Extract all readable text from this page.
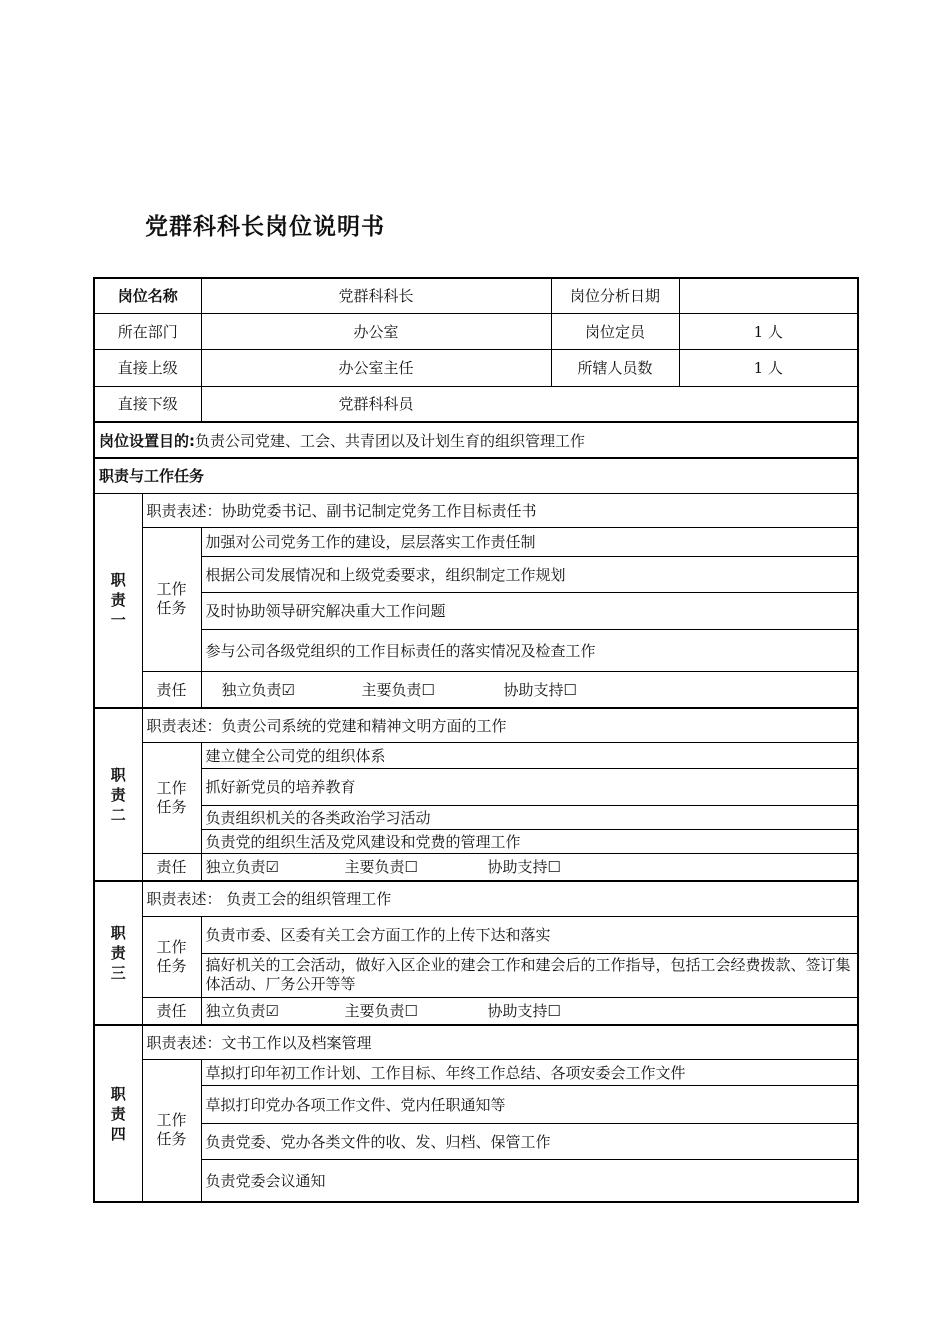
党群科科长岗位说明书
岗位名称		党群科科长	岗位分析日期	
所在部门		办公室	岗位定员	1 人
直接上级		办公室主任	所辖人员数	1 人
直接下级		党群科科员		
岗位设置目的:负责公司党建、工会、共青团以及计划生育的组织管理工作				
职责与工作任务				

职责一	职责表述：协助党委书记、副书记制定党务工作目标责任书			

	工作任务	加强对公司党务工作的建设，层层落实工作责任制		
		根据公司发展情况和上级党委要求，组织制定工作规划		
		及时协助领导研究解决重大工作问题		
		参与公司各级党组织的工作目标责任的落实情况及检查工作		
	责任	独立负责☑ 主要负责☐ 协助支持☐		

职责二	职责表述：负责公司系统的党建和精神文明方面的工作			

	工作任务	建立健全公司党的组织体系		
		抓好新党员的培养教育		
		负责组织机关的各类政治学习活动		
		负责党的组织生活及党风建设和党费的管理工作		
	责任	独立负责☑ 主要负责☐ 协助支持☐		

职责三	职责表述： 负责工会的组织管理工作			

	工作任务	负责市委、区委有关工会方面工作的上传下达和落实		
		搞好机关的工会活动，做好入区企业的建会工作和建会后的工作指导，包括工会经费拨款、签订集体活动、厂务公开等等		
	责任	独立负责☑ 主要负责☐ 协助支持☐		

职责四	职责表述：文书工作以及档案管理			

	工作任务	草拟打印年初工作计划、工作目标、年终工作总结、各项安委会工作文件		
		草拟打印党办各项工作文件、党内任职通知等		
		负责党委、党办各类文件的收、发、归档、保管工作		
		负责党委会议通知		
